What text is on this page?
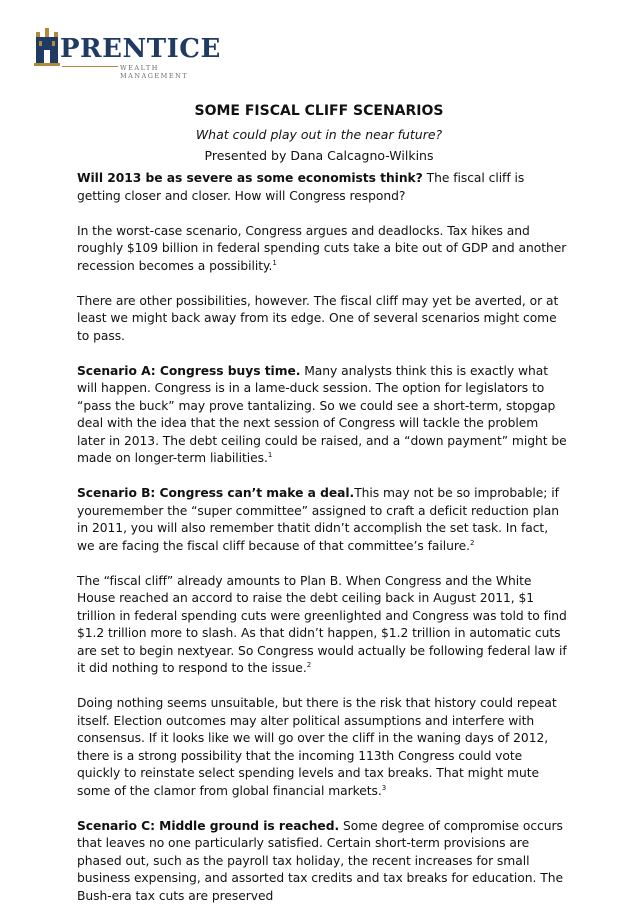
PRENTICE
WEALTH MANAGEMENT
SOME FISCAL CLIFF SCENARIOS
What could play out in the near future?
Presented by Dana Calcagno-Wilkins

Will 2013 be as severe as some economists think? The fiscal cliff is getting closer and closer. How will Congress respond?

In the worst-case scenario, Congress argues and deadlocks. Tax hikes and roughly $109 billion in federal spending cuts take a bite out of GDP and another recession becomes a possibility.$^1$

There are other possibilities, however. The fiscal cliff may yet be averted, or at least we might back away from its edge. One of several scenarios might come to pass.

Scenario A: Congress buys time. Many analysts think this is exactly what will happen. Congress is in a lame-duck session. The option for legislators to “pass the buck” may prove tantalizing. So we could see a short-term, stopgap deal with the idea that the next session of Congress will tackle the problem later in 2013. The debt ceiling could be raised, and a “down payment” might be made on longer-term liabilities.$^1$

Scenario B: Congress can’t make a deal.This may not be so improbable; if youremember the “super committee” assigned to craft a deficit reduction plan in 2011, you will also remember thatit didn’t accomplish the set task. In fact, we are facing the fiscal cliff because of that committee’s failure.$^2$

The “fiscal cliff” already amounts to Plan B. When Congress and the White House reached an accord to raise the debt ceiling back in August 2011, $1 trillion in federal spending cuts were greenlighted and Congress was told to find $1.2 trillion more to slash. As that didn’t happen, $1.2 trillion in automatic cuts are set to begin nextyear. So Congress would actually be following federal law if it did nothing to respond to the issue.$^2$

Doing nothing seems unsuitable, but there is the risk that history could repeat itself. Election outcomes may alter political assumptions and interfere with consensus. If it looks like we will go over the cliff in the waning days of 2012, there is a strong possibility that the incoming 113th Congress could vote quickly to reinstate select spending levels and tax breaks. That might mute some of the clamor from global financial markets.$^3$

Scenario C: Middle ground is reached. Some degree of compromise occurs that leaves no one particularly satisfied. Certain short-term provisions are phased out, such as the payroll tax holiday, the recent increases for small business expensing, and assorted tax credits and tax breaks for education. The Bush-era tax cuts are preserved
